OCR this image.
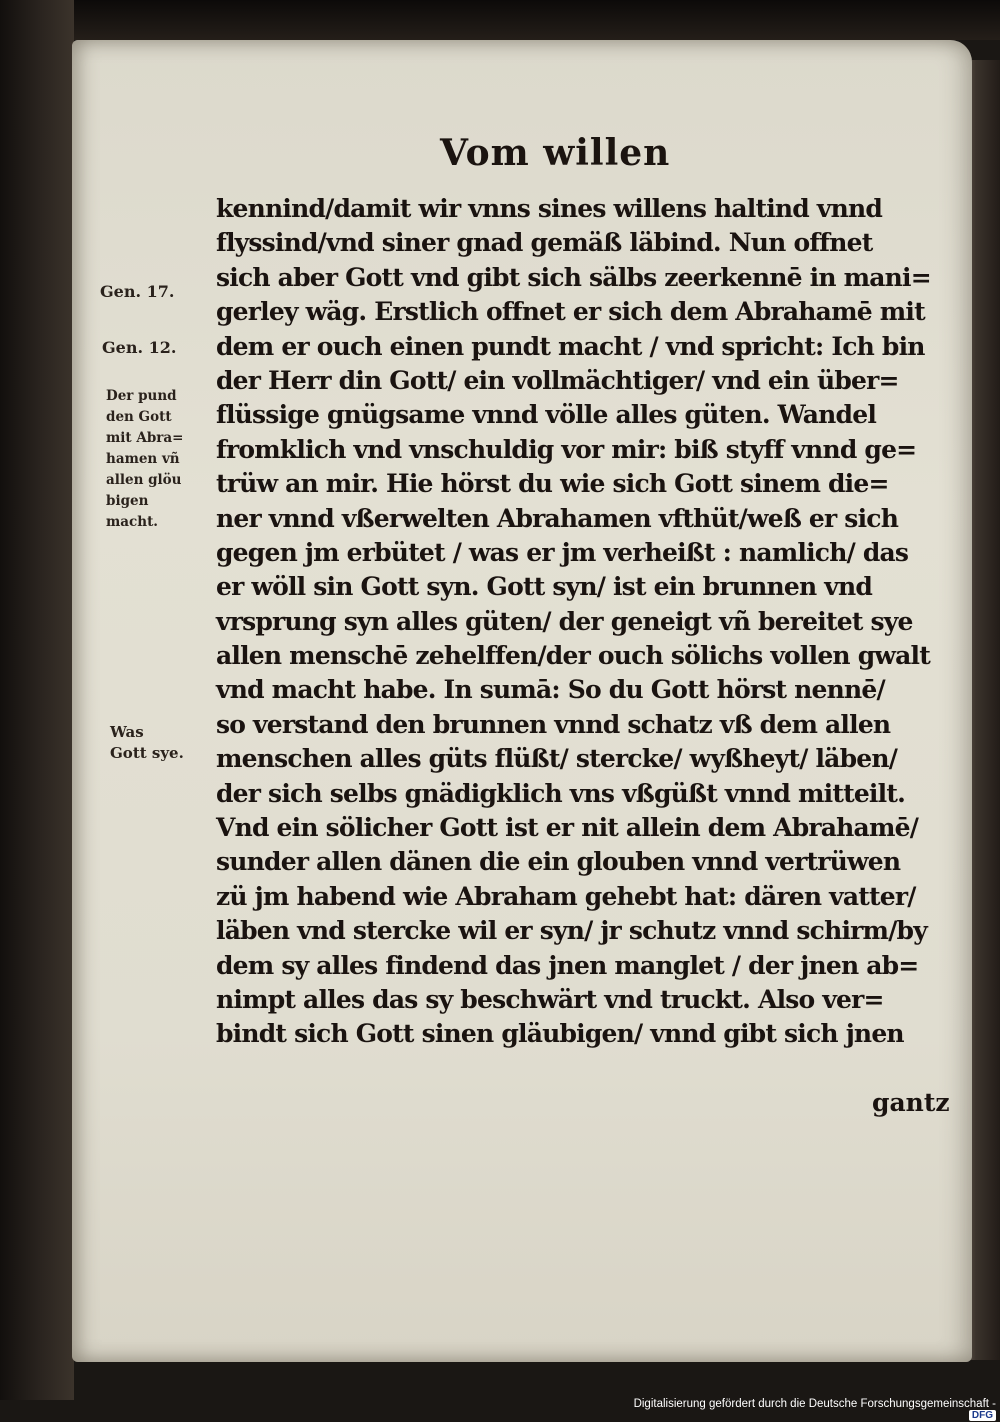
Vom willen
Gen. 17.
Gen. 12.
Der pund
den Gott
mit Abra=
hamen vñ
allen glöu
bigen
macht.
Was
Gott sye.
kennind/damit wir vnns sines willens haltind vnnd
flyssind/vnd siner gnad gemäß läbind. Nun offnet
sich aber Gott vnd gibt sich sälbs zeerkennē in mani=
gerley wäg. Erstlich offnet er sich dem Abrahamē mit
dem er ouch einen pundt macht / vnd spricht: Ich bin
der Herr din Gott/ ein vollmächtiger/ vnd ein über=
flüssige gnügsame vnnd völle alles güten. Wandel
fromklich vnd vnschuldig vor mir: biß styff vnnd ge=
trüw an mir. Hie hörst du wie sich Gott sinem die=
ner vnnd vßerwelten Abrahamen vfthüt/weß er sich
gegen jm erbütet / was er jm verheißt : namlich/ das
er wöll sin Gott syn. Gott syn/ ist ein brunnen vnd
vrsprung syn alles güten/ der geneigt vñ bereitet sye
allen menschē zehelffen/der ouch sölichs vollen gwalt
vnd macht habe. In sumā: So du Gott hörst nennē/
so verstand den brunnen vnnd schatz vß dem allen
menschen alles güts flüßt/ stercke/ wyßheyt/ läben/
der sich selbs gnädigklich vns vßgüßt vnnd mitteilt.
Vnd ein sölicher Gott ist er nit allein dem Abrahamē/
sunder allen dänen die ein glouben vnnd vertrüwen
zü jm habend wie Abraham gehebt hat: dären vatter/
läben vnd stercke wil er syn/ jr schutz vnnd schirm/by
dem sy alles findend das jnen manglet / der jnen ab=
nimpt alles das sy beschwärt vnd truckt. Also ver=
bindt sich Gott sinen gläubigen/ vnnd gibt sich jnen
gantz
Digitalisierung gefördert durch die Deutsche Forschungsgemeinschaft - DFG
